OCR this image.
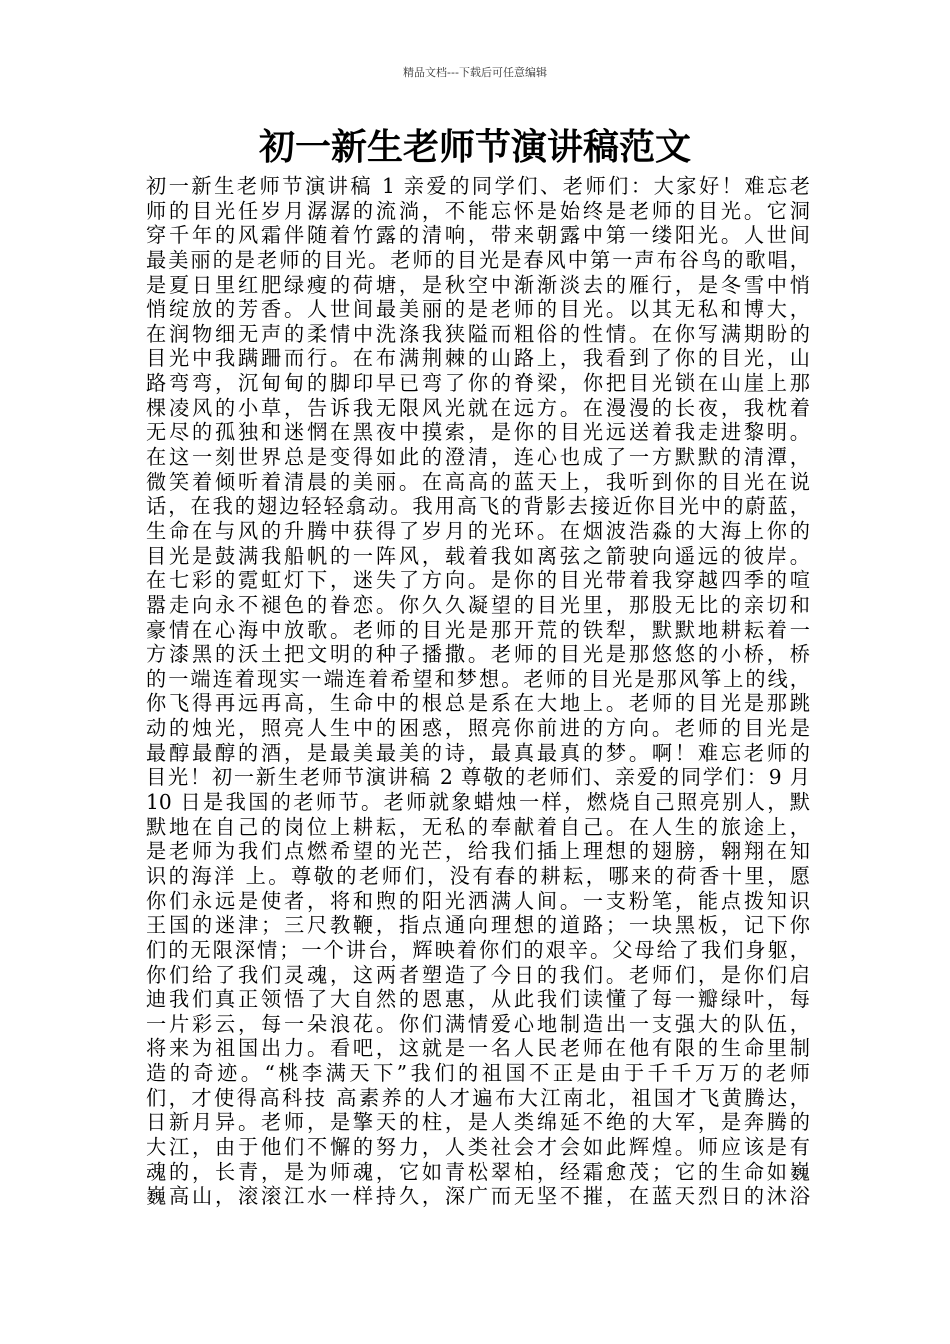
精品文档---下载后可任意编辑
初一新生老师节演讲稿范文
初一新生老师节演讲稿 1 亲爱的同学们、老师们：大家好！难忘老
师的目光任岁月潺潺的流淌，不能忘怀是始终是老师的目光。它洞
穿千年的风霜伴随着竹露的清响，带来朝露中第一缕阳光。人世间
最美丽的是老师的目光。老师的目光是春风中第一声布谷鸟的歌唱，
是夏日里红肥绿瘦的荷塘，是秋空中渐渐淡去的雁行，是冬雪中悄
悄绽放的芳香。人世间最美丽的是老师的目光。以其无私和博大，
在润物细无声的柔情中洗涤我狭隘而粗俗的性情。在你写满期盼的
目光中我蹒跚而行。在布满荆棘的山路上，我看到了你的目光，山
路弯弯，沉甸甸的脚印早已弯了你的脊梁，你把目光锁在山崖上那
棵凌风的小草，告诉我无限风光就在远方。在漫漫的长夜，我枕着
无尽的孤独和迷惘在黑夜中摸索，是你的目光远送着我走进黎明。
在这一刻世界总是变得如此的澄清，连心也成了一方默默的清潭，
微笑着倾听着清晨的美丽。在高高的蓝天上，我听到你的目光在说
话，在我的翅边轻轻翕动。我用高飞的背影去接近你目光中的蔚蓝，
生命在与风的升腾中获得了岁月的光环。在烟波浩淼的大海上你的
目光是鼓满我船帆的一阵风，载着我如离弦之箭驶向遥远的彼岸。
在七彩的霓虹灯下，迷失了方向。是你的目光带着我穿越四季的喧
嚣走向永不褪色的眷恋。你久久凝望的目光里，那股无比的亲切和
豪情在心海中放歌。老师的目光是那开荒的铁犁，默默地耕耘着一
方漆黑的沃土把文明的种子播撒。老师的目光是那悠悠的小桥，桥
的一端连着现实一端连着希望和梦想。老师的目光是那风筝上的线，
你飞得再远再高，生命中的根总是系在大地上。老师的目光是那跳
动的烛光，照亮人生中的困惑，照亮你前进的方向。老师的目光是
最醇最醇的酒，是最美最美的诗，最真最真的梦。啊！难忘老师的
目光！初一新生老师节演讲稿 2 尊敬的老师们、亲爱的同学们：9 月
10 日是我国的老师节。老师就象蜡烛一样，燃烧自己照亮别人，默
默地在自己的岗位上耕耘，无私的奉献着自己。在人生的旅途上，
是老师为我们点燃希望的光芒，给我们插上理想的翅膀，翱翔在知
识的海洋 上。尊敬的老师们，没有春的耕耘，哪来的荷香十里，愿
你们永远是使者，将和煦的阳光洒满人间。一支粉笔，能点拨知识
王国的迷津；三尺教鞭，指点通向理想的道路；一块黑板，记下你
们的无限深情；一个讲台，辉映着你们的艰辛。父母给了我们身躯，
你们给了我们灵魂，这两者塑造了今日的我们。老师们，是你们启
迪我们真正领悟了大自然的恩惠，从此我们读懂了每一瓣绿叶，每
一片彩云，每一朵浪花。你们满情爱心地制造出一支强大的队伍，
将来为祖国出力。看吧，这就是一名人民老师在他有限的生命里制
造的奇迹。“桃李满天下”我们的祖国不正是由于千千万万的老师
们，才使得高科技 高素养的人才遍布大江南北，祖国才飞黄腾达，
日新月异。老师，是擎天的柱，是人类绵延不绝的大军，是奔腾的
大江，由于他们不懈的努力，人类社会才会如此辉煌。师应该是有
魂的，长青，是为师魂，它如青松翠柏，经霜愈茂；它的生命如巍
巍高山，滚滚江水一样持久，深广而无坚不摧，在蓝天烈日的沐浴
